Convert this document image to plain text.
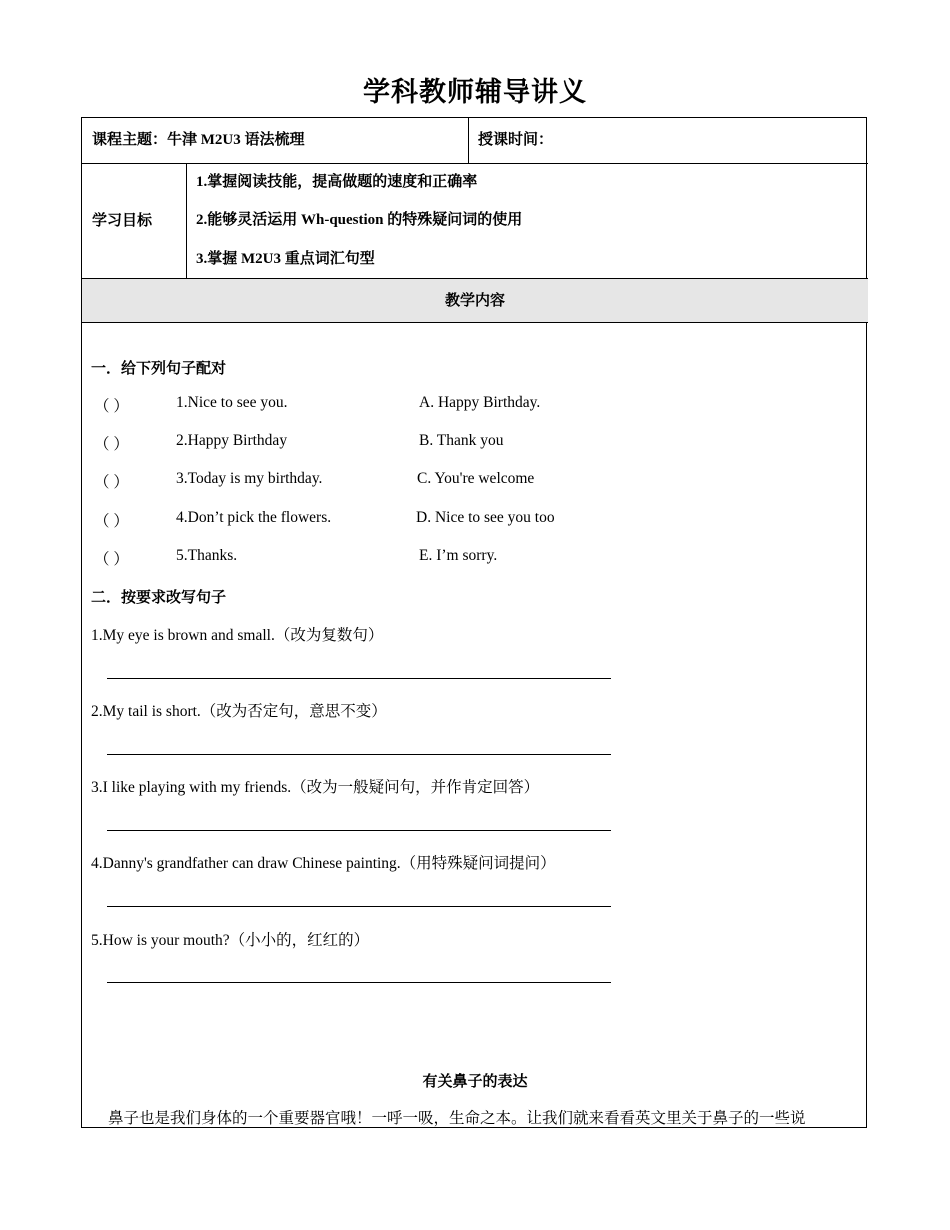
学科教师辅导讲义
课程主题：牛津 M2U3 语法梳理	授课时间：
学习目标
1.掌握阅读技能，提高做题的速度和正确率
2.能够灵活运用 Wh-question 的特殊疑问词的使用
3.掌握 M2U3 重点词汇句型
教学内容
一．给下列句子配对
（ ）	1.Nice to see you.	A. Happy Birthday.
（ ）	2.Happy Birthday	B. Thank you
（ ）	3.Today is my birthday.	C. You're welcome
（ ）	4.Don’t pick the flowers.	D. Nice to see you too
（ ）	5.Thanks.	E. I’m sorry.
二．按要求改写句子
1.My eye is brown and small.（改为复数句）
2.My tail is short.（改为否定句，意思不变）
3.I like playing with my friends.（改为一般疑问句，并作肯定回答）
4.Danny's grandfather can draw Chinese painting.（用特殊疑问词提问）
5.How is your mouth?（小小的，红红的）
有关鼻子的表达
鼻子也是我们身体的一个重要器官哦！一呼一吸，生命之本。让我们就来看看英文里关于鼻子的一些说
